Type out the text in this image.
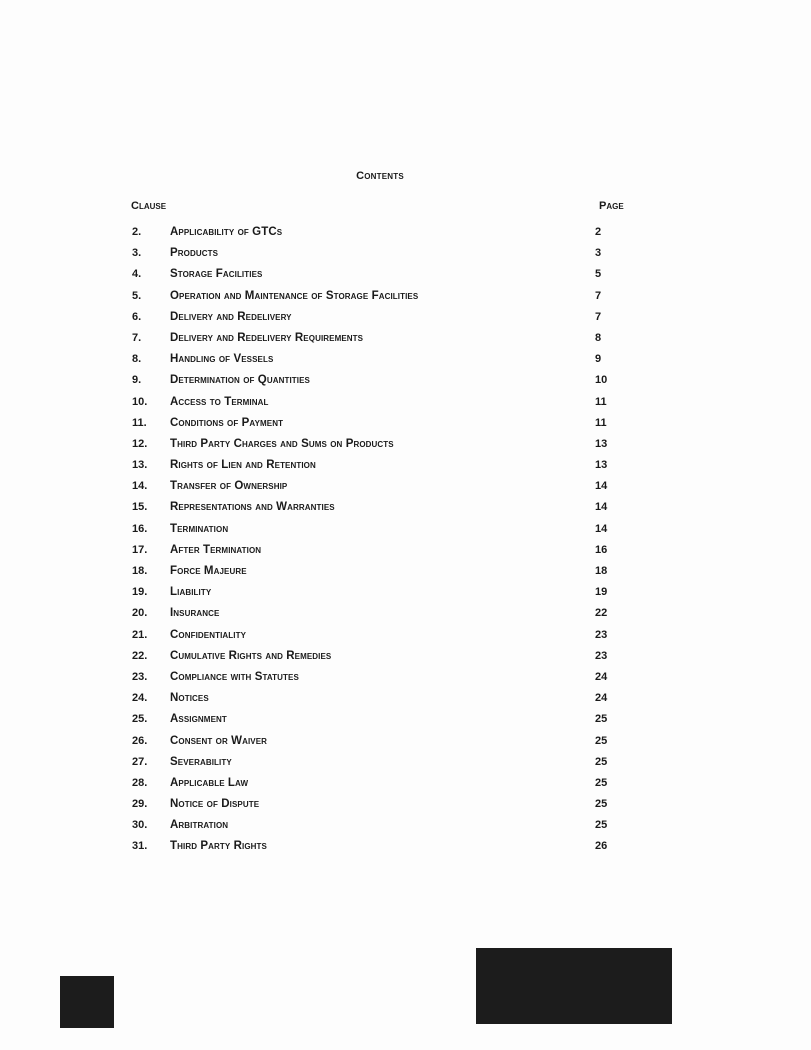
Contents
Clause	Page
2.	Applicability of GTCs	2
3.	Products	3
4.	Storage Facilities	5
5.	Operation and Maintenance of Storage Facilities	7
6.	Delivery and Redelivery	7
7.	Delivery and Redelivery Requirements	8
8.	Handling of Vessels	9
9.	Determination of Quantities	10
10. Access to Terminal	11
11. Conditions of Payment	11
12. Third Party Charges and Sums on Products	13
13. Rights of Lien and Retention	13
14. Transfer of Ownership	14
15. Representations and Warranties	14
16. Termination	14
17. After Termination	16
18. Force Majeure	18
19. Liability	19
20. Insurance	22
21. Confidentiality	23
22. Cumulative Rights and Remedies	23
23. Compliance with Statutes	24
24. Notices	24
25. Assignment	25
26. Consent or Waiver	25
27. Severability	25
28. Applicable Law	25
29. Notice of Dispute	25
30. Arbitration	25
31. Third Party Rights	26
